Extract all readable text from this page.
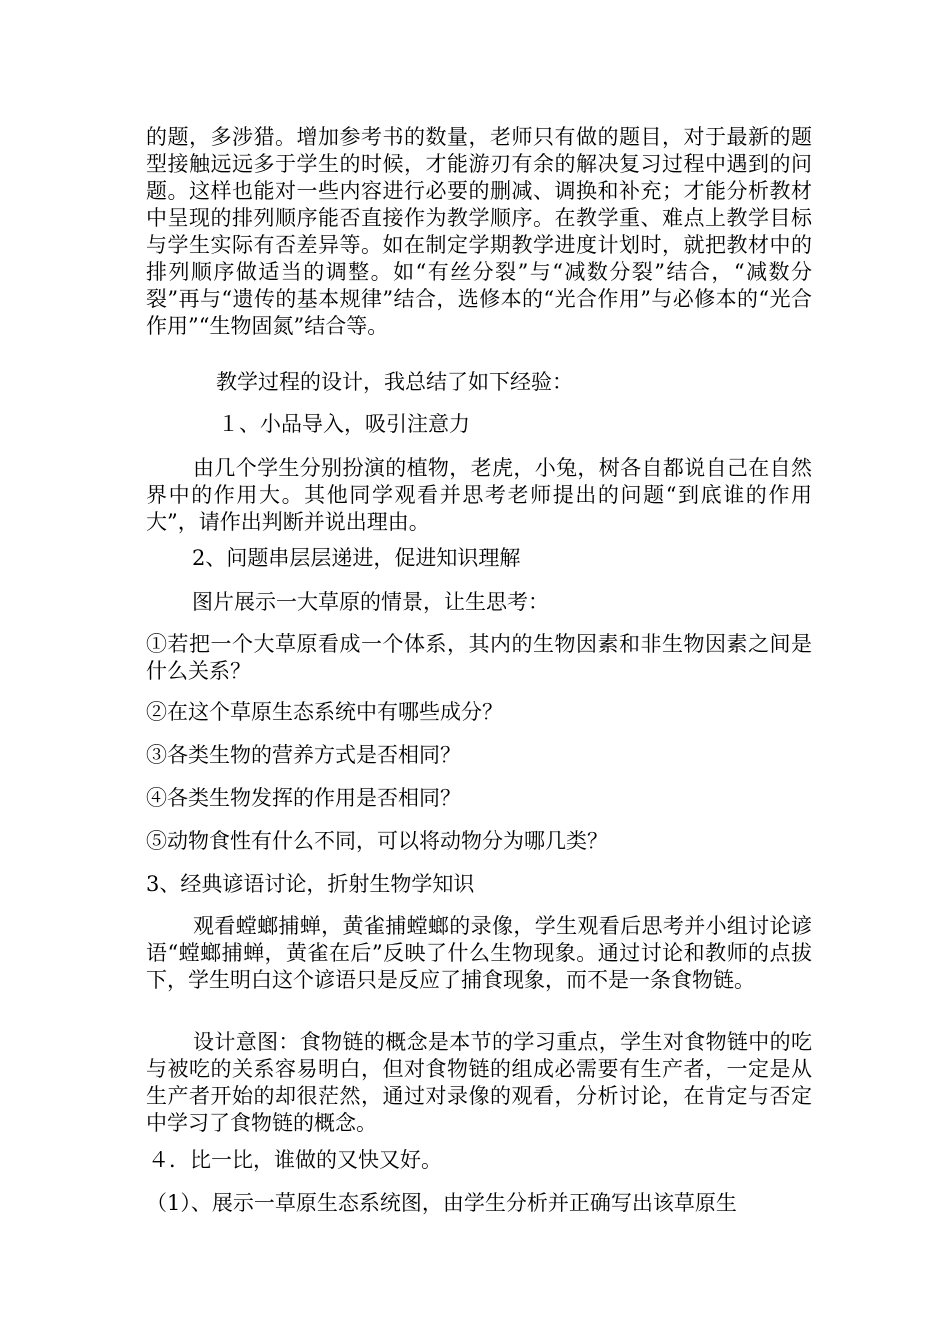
的题，多涉猎。增加参考书的数量，老师只有做的题目，对于最新的题型接触远远多于学生的时候，才能游刃有余的解决复习过程中遇到的问题。这样也能对一些内容进行必要的删减、调换和补充；才能分析教材中呈现的排列顺序能否直接作为教学顺序。在教学重、难点上教学目标与学生实际有否差异等。如在制定学期教学进度计划时，就把教材中的排列顺序做适当的调整。如“有丝分裂”与“减数分裂”结合，“减数分裂”再与“遗传的基本规律”结合，选修本的“光合作用”与必修本的“光合作用”“生物固氮”结合等。

教学过程的设计，我总结了如下经验：

１、小品导入，吸引注意力

由几个学生分别扮演的植物，老虎，小兔，树各自都说自己在自然界中的作用大。其他同学观看并思考老师提出的问题“到底谁的作用大”，请作出判断并说出理由。

2、问题串层层递进，促进知识理解

图片展示一大草原的情景，让生思考：

①若把一个大草原看成一个体系，其内的生物因素和非生物因素之间是什么关系？

②在这个草原生态系统中有哪些成分？

③各类生物的营养方式是否相同？

④各类生物发挥的作用是否相同？

⑤动物食性有什么不同，可以将动物分为哪几类？

3、经典谚语讨论，折射生物学知识

观看螳螂捕蝉，黄雀捕螳螂的录像，学生观看后思考并小组讨论谚语“螳螂捕蝉，黄雀在后”反映了什么生物现象。通过讨论和教师的点拔下，学生明白这个谚语只是反应了捕食现象，而不是一条食物链。

设计意图：食物链的概念是本节的学习重点，学生对食物链中的吃与被吃的关系容易明白，但对食物链的组成必需要有生产者，一定是从生产者开始的却很茫然，通过对录像的观看，分析讨论，在肯定与否定中学习了食物链的概念。

４．比一比，谁做的又快又好。

（1）、展示一草原生态系统图，由学生分析并正确写出该草原生
